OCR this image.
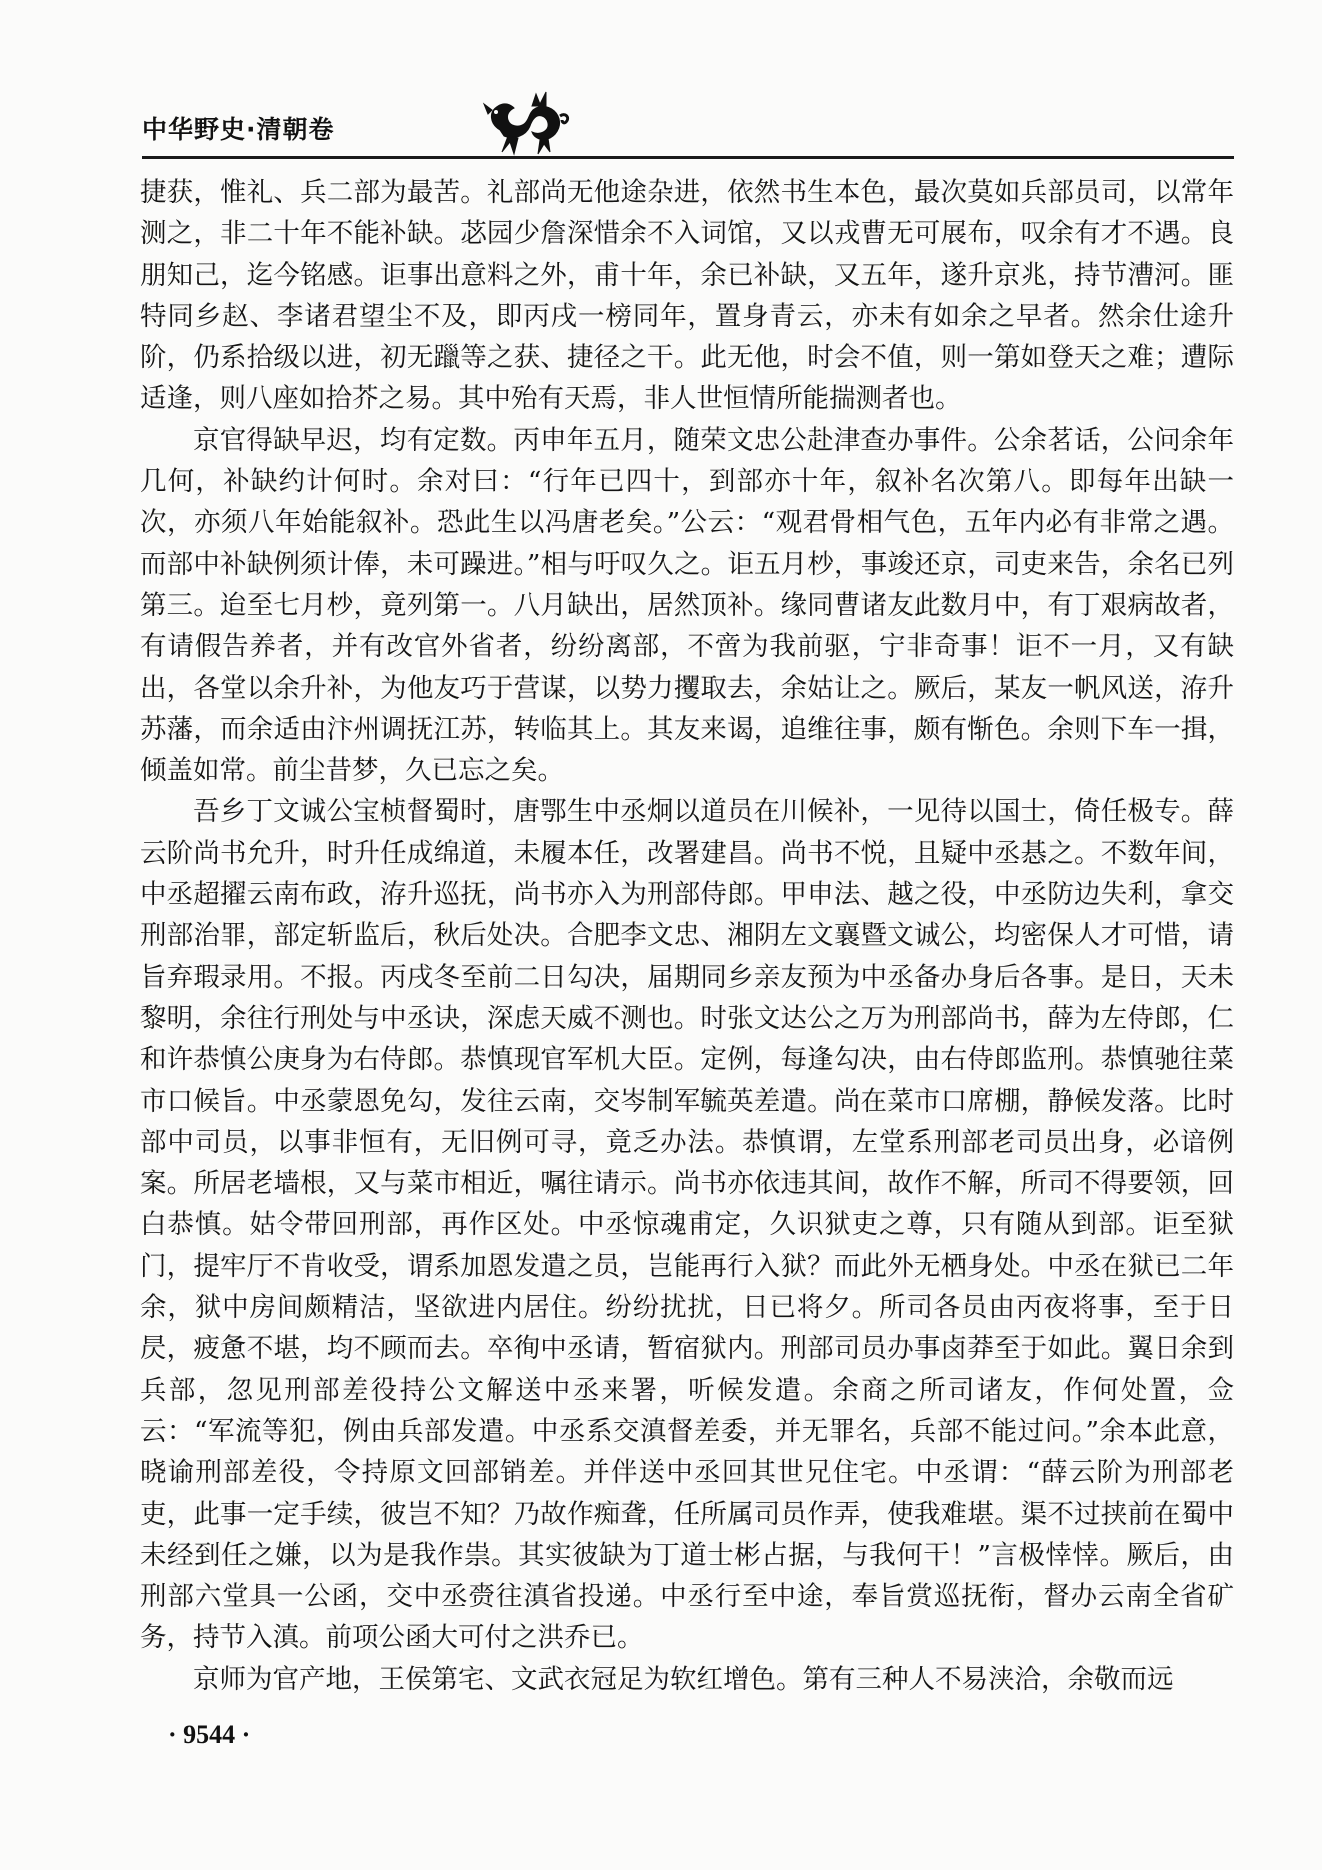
中华野史·清朝卷

捷获，惟礼、兵二部为最苦。礼部尚无他途杂进，依然书生本色，最次莫如兵部员司，以常年测之，非二十年不能补缺。苾园少詹深惜余不入词馆，又以戎曹无可展布，叹余有才不遇。良朋知己，迄今铭感。讵事出意料之外，甫十年，余已补缺，又五年，遂升京兆，持节漕河。匪特同乡赵、李诸君望尘不及，即丙戌一榜同年，置身青云，亦未有如余之早者。然余仕途升阶，仍系拾级以进，初无躐等之获、捷径之干。此无他，时会不值，则一第如登天之难；遭际适逢，则八座如拾芥之易。其中殆有天焉，非人世恒情所能揣测者也。

京官得缺早迟，均有定数。丙申年五月，随荣文忠公赴津查办事件。公余茗话，公问余年几何，补缺约计何时。余对曰：“行年已四十，到部亦十年，叙补名次第八。即每年出缺一次，亦须八年始能叙补。恐此生以冯唐老矣。”公云：“观君骨相气色，五年内必有非常之遇。而部中补缺例须计俸，未可躁进。”相与吁叹久之。讵五月杪，事竣还京，司吏来告，余名已列第三。迨至七月杪，竟列第一。八月缺出，居然顶补。缘同曹诸友此数月中，有丁艰病故者，有请假告养者，并有改官外省者，纷纷离部，不啻为我前驱，宁非奇事！讵不一月，又有缺出，各堂以余升补，为他友巧于营谋，以势力攫取去，余姑让之。厥后，某友一帆风送，洊升苏藩，而余适由汴州调抚江苏，转临其上。其友来谒，追维往事，颇有惭色。余则下车一揖，倾盖如常。前尘昔梦，久已忘之矣。

吾乡丁文诚公宝桢督蜀时，唐鄂生中丞炯以道员在川候补，一见待以国士，倚任极专。薛云阶尚书允升，时升任成绵道，未履本任，改署建昌。尚书不悦，且疑中丞惎之。不数年间，中丞超擢云南布政，洊升巡抚，尚书亦入为刑部侍郎。甲申法、越之役，中丞防边失利，拿交刑部治罪，部定斩监后，秋后处决。合肥李文忠、湘阴左文襄暨文诚公，均密保人才可惜，请旨弃瑕录用。不报。丙戌冬至前二日勾决，届期同乡亲友预为中丞备办身后各事。是日，天未黎明，余往行刑处与中丞诀，深虑天威不测也。时张文达公之万为刑部尚书，薛为左侍郎，仁和许恭慎公庚身为右侍郎。恭慎现官军机大臣。定例，每逢勾决，由右侍郎监刑。恭慎驰往菜市口候旨。中丞蒙恩免勾，发往云南，交岑制军毓英差遣。尚在菜市口席棚，静候发落。比时部中司员，以事非恒有，无旧例可寻，竟乏办法。恭慎谓，左堂系刑部老司员出身，必谙例案。所居老墙根，又与菜市相近，嘱往请示。尚书亦依违其间，故作不解，所司不得要领，回白恭慎。姑令带回刑部，再作区处。中丞惊魂甫定，久识狱吏之尊，只有随从到部。讵至狱门，提牢厅不肯收受，谓系加恩发遣之员，岂能再行入狱？而此外无栖身处。中丞在狱已二年余，狱中房间颇精洁，坚欲进内居住。纷纷扰扰，日已将夕。所司各员由丙夜将事，至于日昃，疲惫不堪，均不顾而去。卒徇中丞请，暂宿狱内。刑部司员办事卤莽至于如此。翼日余到兵部，忽见刑部差役持公文解送中丞来署，听候发遣。余商之所司诸友，作何处置，佥云：“军流等犯，例由兵部发遣。中丞系交滇督差委，并无罪名，兵部不能过问。”余本此意，晓谕刑部差役，令持原文回部销差。并伴送中丞回其世兄住宅。中丞谓：“薛云阶为刑部老吏，此事一定手续，彼岂不知？乃故作痴聋，任所属司员作弄，使我难堪。渠不过挟前在蜀中未经到任之嫌，以为是我作祟。其实彼缺为丁道士彬占据，与我何干！”言极悻悻。厥后，由刑部六堂具一公函，交中丞赍往滇省投递。中丞行至中途，奉旨赏巡抚衔，督办云南全省矿务，持节入滇。前项公函大可付之洪乔已。

京师为官产地，王侯第宅、文武衣冠足为软红增色。第有三种人不易浃洽，余敬而远

· 9544 ·
